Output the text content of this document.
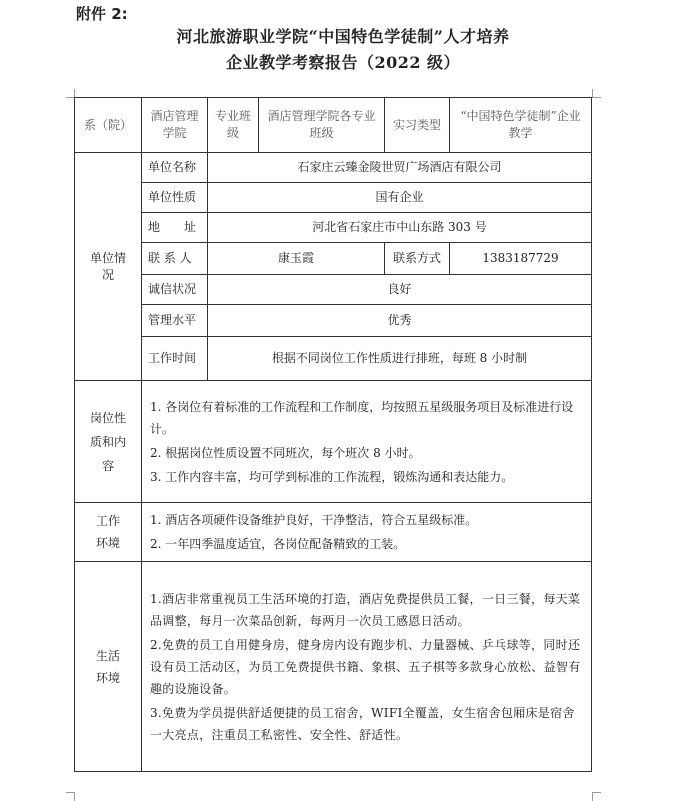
附件 2:
河北旅游职业学院“中国特色学徒制”人才培养
企业教学考察报告（2022 级）
系（院）	酒店管理学院	专业班级	酒店管理学院各专业班级	实习类型	“中国特色学徒制”企业教学
单位情况	单位名称	石家庄云臻金陵世贸广场酒店有限公司			
	单位性质	国有企业			
	地　　址	河北省石家庄市中山东路 303 号			
	联 系 人	康玉霞		联系方式	1383187729
	诚信状况	良好			
	管理水平	优秀			
	工作时间	根据不同岗位工作性质进行排班，每班 8 小时制			
岗位性质和内容	1. 各岗位有着标准的工作流程和工作制度，均按照五星级服务项目及标准进行设计。

2. 根据岗位性质设置不同班次，每个班次 8 小时。

3. 工作内容丰富，均可学到标准的工作流程，锻炼沟通和表达能力。				

工作环境	1. 酒店各项硬件设备维护良好，干净整洁，符合五星级标准。

2. 一年四季温度适宜，各岗位配备精致的工装。				

生活环境	1.酒店非常重视员工生活环境的打造，酒店免费提供员工餐，一日三餐，每天菜品调整，每月一次菜品创新，每两月一次员工感恩日活动。

2.免费的员工自用健身房，健身房内设有跑步机、力量器械、乒乓球等，同时还设有员工活动区，为员工免费提供书籍、象棋、五子棋等多款身心放松、益智有趣的设施设备。

3.免费为学员提供舒适便捷的员工宿舍，WIFI全覆盖，女生宿舍包厢床是宿舍一大亮点，注重员工私密性、安全性、舒适性。				
